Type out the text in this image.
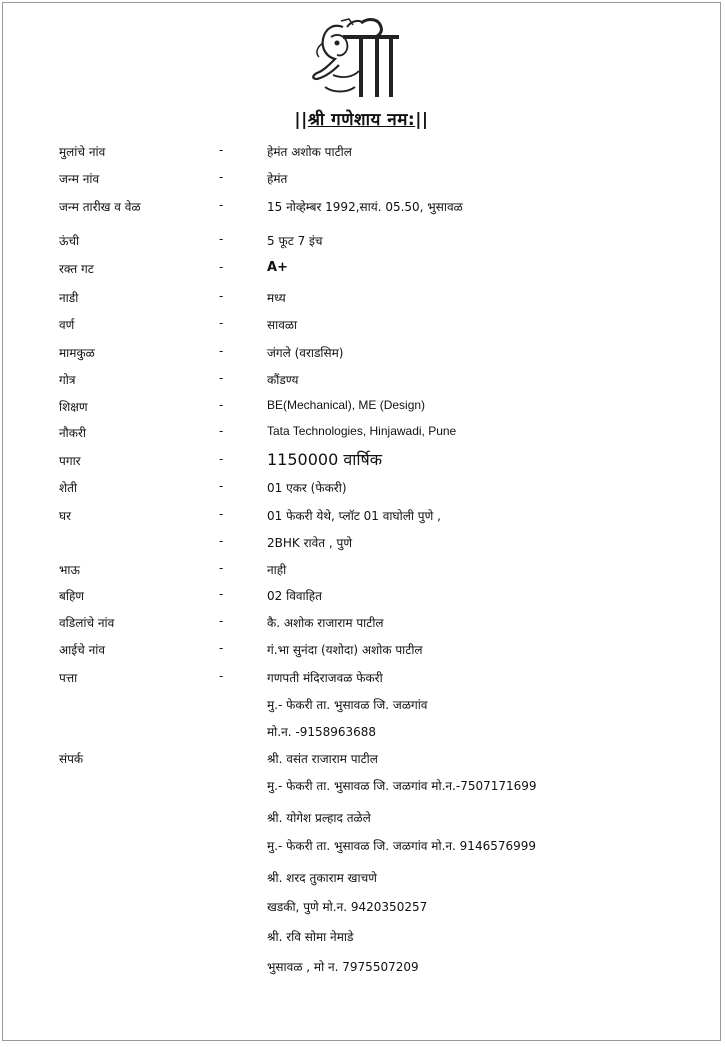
||श्री गणेशाय नम:||
मुलांचे नांव	-	हेमंत अशोक पाटील
जन्म नांव	-	हेमंत
जन्म तारीख व वेळ	-	15 नोव्हेम्बर 1992,सायं. 05.50, भुसावळ
ऊंची	-	5 फूट 7 इंच
रक्त गट	-	A+
नाडी	-	मध्य
वर्ण	-	सावळा
मामकुळ	-	जंगले (वराडसिम)
गोत्र	-	कौंडण्य
शिक्षण	-	BE(Mechanical), ME (Design)
नौकरी	-	Tata Technologies, Hinjawadi, Pune
पगार	-	1150000 वार्षिक
शेती	-	01 एकर (फेकरी)
घर	-	01 फेकरी येथे, प्लॉट 01 वाघोली पुणे ,
-	2BHK रावेत , पुणे
भाऊ	-	नाही
बहिण	-	02 विवाहित
वडिलांचे नांव	-	कै. अशोक राजाराम पाटील
आईचे नांव	-	गं.भा सुनंदा (यशोदा) अशोक पाटील
पत्ता	-	गणपती मंदिराजवळ फेकरी
मु.- फेकरी ता. भुसावळ जि. जळगांव
मो.न. -9158963688
संपर्क	श्री. वसंत राजाराम पाटील
मु.- फेकरी ता. भुसावळ जि. जळगांव मो.न.-7507171699
श्री. योगेश प्रल्हाद तळेले
मु.- फेकरी ता. भुसावळ जि. जळगांव मो.न. 9146576999
श्री. शरद तुकाराम खाचणे
खडकी, पुणे मो.न. 9420350257
श्री. रवि सोमा नेमाडे
भुसावळ , मो न. 7975507209
